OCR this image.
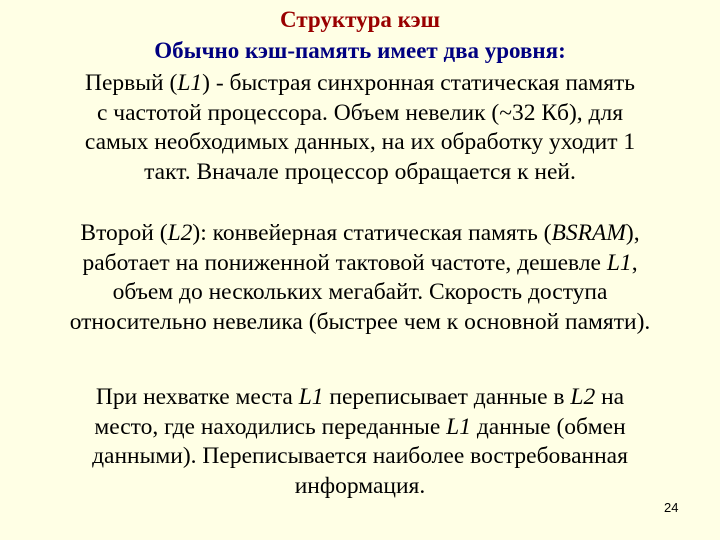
Структура кэш
Обычно кэш-память имеет два уровня:
Первый (L1) - быстрая синхронная статическая память
с частотой процессора. Объем невелик (~32 Кб), для
самых необходимых данных, на их обработку уходит 1
такт. Вначале процессор обращается к ней.
Второй (L2): конвейерная статическая память (BSRAM),
работает на пониженной тактовой частоте, дешевле L1,
объем до нескольких мегабайт. Скорость доступа
относительно невелика (быстрее чем к основной памяти).
При нехватке места L1 переписывает данные в L2 на
место, где находились переданные L1 данные (обмен
данными). Переписывается наиболее востребованная
информация.
24
